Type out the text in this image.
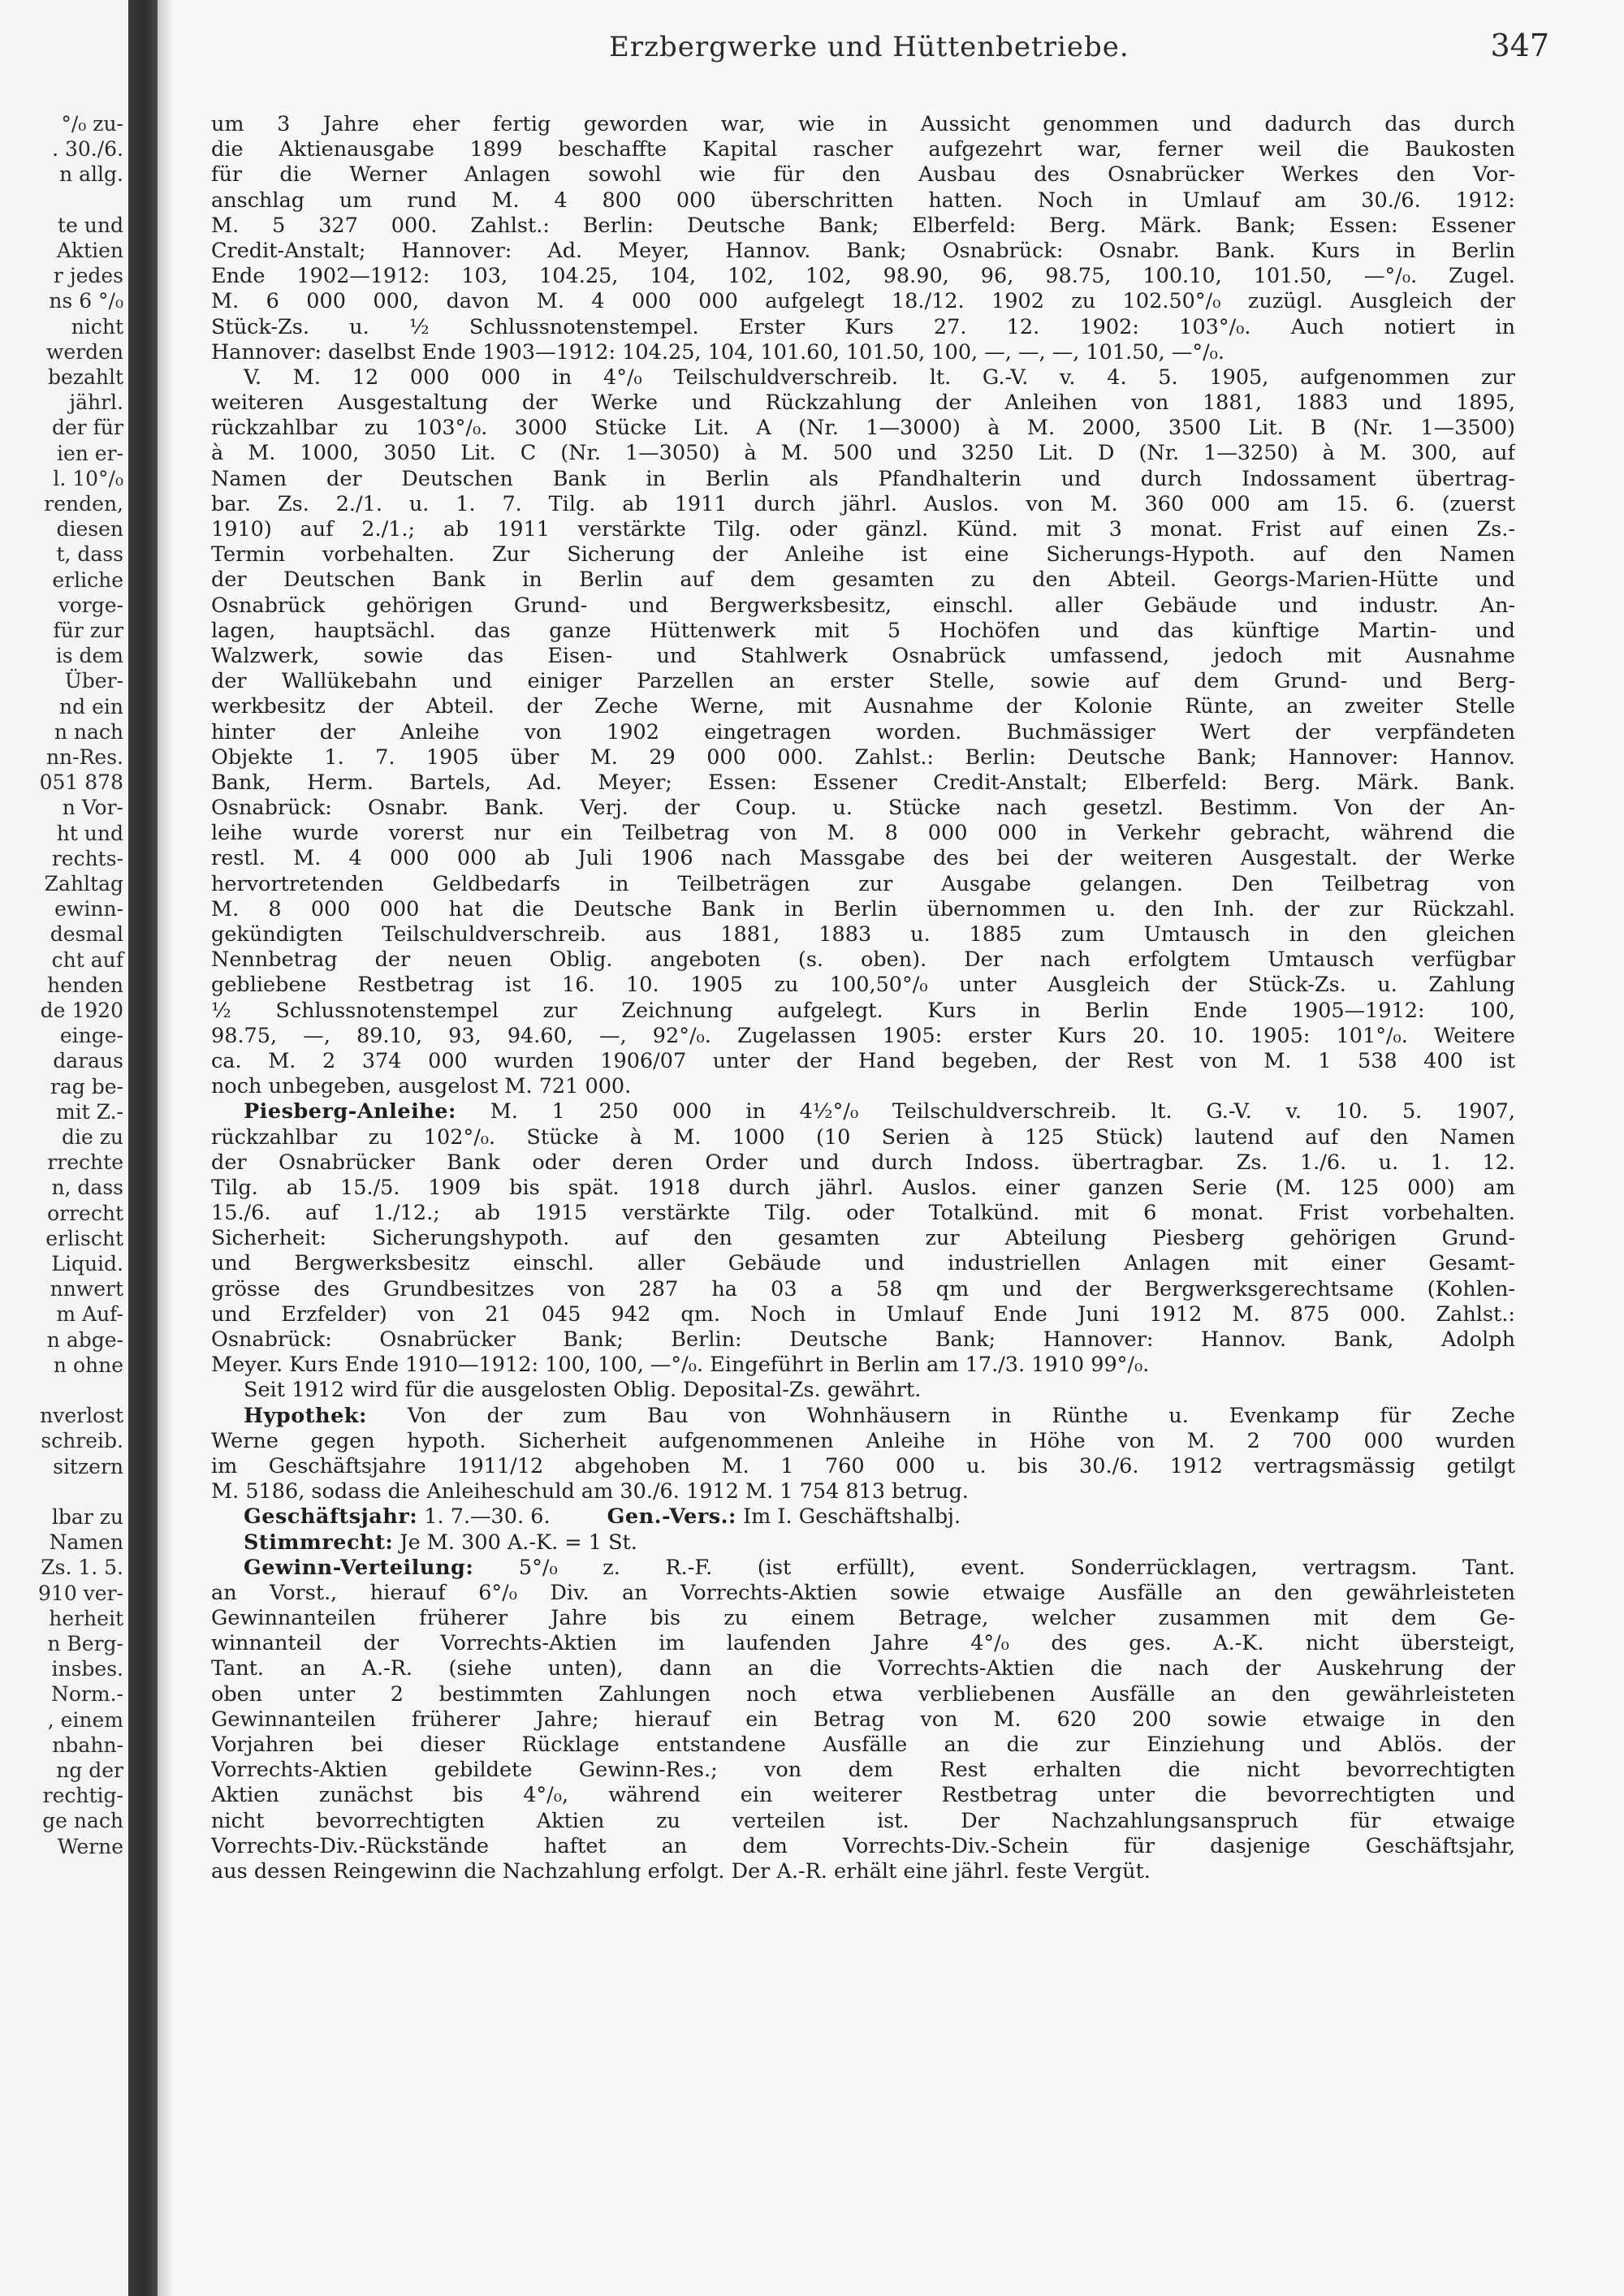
°/₀ zu-
. 30./6.
n allg.
te und
Aktien
r jedes
ns 6 °/₀
nicht
werden
bezahlt
jährl.
der für
ien er-
l. 10°/₀
renden,
diesen
t, dass
erliche
vorge-
für zur
is dem
Über-
nd ein
n nach
nn-Res.
051 878
n Vor-
ht und
rechts-
Zahltag
ewinn-
desmal
cht auf
henden
de 1920
einge-
daraus
rag be-
mit Z.-
die zu
rrechte
n, dass
orrecht
erlischt
Liquid.
nnwert
m Auf-
n abge-
n ohne
nverlost
schreib.
sitzern
lbar zu
Namen
Zs. 1. 5.
910 ver-
herheit
n Berg-
insbes.
Norm.-
, einem
nbahn-
ng der
rechtig-
ge nach
Werne
Erzbergwerke und Hüttenbetriebe.	347
um 3 Jahre eher fertig geworden war, wie in Aussicht genommen und dadurch das durch
die Aktienausgabe 1899 beschaffte Kapital rascher aufgezehrt war, ferner weil die Baukosten
für die Werner Anlagen sowohl wie für den Ausbau des Osnabrücker Werkes den Vor-
anschlag um rund M. 4 800 000 überschritten hatten. Noch in Umlauf am 30./6. 1912:
M. 5 327 000. Zahlst.: Berlin: Deutsche Bank; Elberfeld: Berg. Märk. Bank; Essen: Essener
Credit-Anstalt; Hannover: Ad. Meyer, Hannov. Bank; Osnabrück: Osnabr. Bank. Kurs in Berlin
Ende 1902—1912: 103, 104.25, 104, 102, 102, 98.90, 96, 98.75, 100.10, 101.50, —°/₀. Zugel.
M. 6 000 000, davon M. 4 000 000 aufgelegt 18./12. 1902 zu 102.50°/₀ zuzügl. Ausgleich der
Stück-Zs. u. ½ Schlussnotenstempel. Erster Kurs 27. 12. 1902: 103°/₀. Auch notiert in
Hannover: daselbst Ende 1903—1912: 104.25, 104, 101.60, 101.50, 100, —, —, —, 101.50, —°/₀.
V. M. 12 000 000 in 4°/₀ Teilschuldverschreib. lt. G.-V. v. 4. 5. 1905, aufgenommen zur
weiteren Ausgestaltung der Werke und Rückzahlung der Anleihen von 1881, 1883 und 1895,
rückzahlbar zu 103°/₀. 3000 Stücke Lit. A (Nr. 1—3000) à M. 2000, 3500 Lit. B (Nr. 1—3500)
à M. 1000, 3050 Lit. C (Nr. 1—3050) à M. 500 und 3250 Lit. D (Nr. 1—3250) à M. 300, auf
Namen der Deutschen Bank in Berlin als Pfandhalterin und durch Indossament übertrag-
bar. Zs. 2./1. u. 1. 7. Tilg. ab 1911 durch jährl. Auslos. von M. 360 000 am 15. 6. (zuerst
1910) auf 2./1.; ab 1911 verstärkte Tilg. oder gänzl. Künd. mit 3 monat. Frist auf einen Zs.-
Termin vorbehalten. Zur Sicherung der Anleihe ist eine Sicherungs-Hypoth. auf den Namen
der Deutschen Bank in Berlin auf dem gesamten zu den Abteil. Georgs-Marien-Hütte und
Osnabrück gehörigen Grund- und Bergwerksbesitz, einschl. aller Gebäude und industr. An-
lagen, hauptsächl. das ganze Hüttenwerk mit 5 Hochöfen und das künftige Martin- und
Walzwerk, sowie das Eisen- und Stahlwerk Osnabrück umfassend, jedoch mit Ausnahme
der Wallükebahn und einiger Parzellen an erster Stelle, sowie auf dem Grund- und Berg-
werkbesitz der Abteil. der Zeche Werne, mit Ausnahme der Kolonie Rünte, an zweiter Stelle
hinter der Anleihe von 1902 eingetragen worden. Buchmässiger Wert der verpfändeten
Objekte 1. 7. 1905 über M. 29 000 000. Zahlst.: Berlin: Deutsche Bank; Hannover: Hannov.
Bank, Herm. Bartels, Ad. Meyer; Essen: Essener Credit-Anstalt; Elberfeld: Berg. Märk. Bank.
Osnabrück: Osnabr. Bank. Verj. der Coup. u. Stücke nach gesetzl. Bestimm. Von der An-
leihe wurde vorerst nur ein Teilbetrag von M. 8 000 000 in Verkehr gebracht, während die
restl. M. 4 000 000 ab Juli 1906 nach Massgabe des bei der weiteren Ausgestalt. der Werke
hervortretenden Geldbedarfs in Teilbeträgen zur Ausgabe gelangen. Den Teilbetrag von
M. 8 000 000 hat die Deutsche Bank in Berlin übernommen u. den Inh. der zur Rückzahl.
gekündigten Teilschuldverschreib. aus 1881, 1883 u. 1885 zum Umtausch in den gleichen
Nennbetrag der neuen Oblig. angeboten (s. oben). Der nach erfolgtem Umtausch verfügbar
gebliebene Restbetrag ist 16. 10. 1905 zu 100,50°/₀ unter Ausgleich der Stück-Zs. u. Zahlung
½ Schlussnotenstempel zur Zeichnung aufgelegt. Kurs in Berlin Ende 1905—1912: 100,
98.75, —, 89.10, 93, 94.60, —, 92°/₀. Zugelassen 1905: erster Kurs 20. 10. 1905: 101°/₀. Weitere
ca. M. 2 374 000 wurden 1906/07 unter der Hand begeben, der Rest von M. 1 538 400 ist
noch unbegeben, ausgelost M. 721 000.
Piesberg-Anleihe: M. 1 250 000 in 4½°/₀ Teilschuldverschreib. lt. G.-V. v. 10. 5. 1907,
rückzahlbar zu 102°/₀. Stücke à M. 1000 (10 Serien à 125 Stück) lautend auf den Namen
der Osnabrücker Bank oder deren Order und durch Indoss. übertragbar. Zs. 1./6. u. 1. 12.
Tilg. ab 15./5. 1909 bis spät. 1918 durch jährl. Auslos. einer ganzen Serie (M. 125 000) am
15./6. auf 1./12.; ab 1915 verstärkte Tilg. oder Totalkünd. mit 6 monat. Frist vorbehalten.
Sicherheit: Sicherungshypoth. auf den gesamten zur Abteilung Piesberg gehörigen Grund-
und Bergwerksbesitz einschl. aller Gebäude und industriellen Anlagen mit einer Gesamt-
grösse des Grundbesitzes von 287 ha 03 a 58 qm und der Bergwerksgerechtsame (Kohlen-
und Erzfelder) von 21 045 942 qm. Noch in Umlauf Ende Juni 1912 M. 875 000. Zahlst.:
Osnabrück: Osnabrücker Bank; Berlin: Deutsche Bank; Hannover: Hannov. Bank, Adolph
Meyer. Kurs Ende 1910—1912: 100, 100, —°/₀. Eingeführt in Berlin am 17./3. 1910 99°/₀.
Seit 1912 wird für die ausgelosten Oblig. Deposital-Zs. gewährt.
Hypothek: Von der zum Bau von Wohnhäusern in Rünthe u. Evenkamp für Zeche
Werne gegen hypoth. Sicherheit aufgenommenen Anleihe in Höhe von M. 2 700 000 wurden
im Geschäftsjahre 1911/12 abgehoben M. 1 760 000 u. bis 30./6. 1912 vertragsmässig getilgt
M. 5186, sodass die Anleiheschuld am 30./6. 1912 M. 1 754 813 betrug.
Geschäftsjahr: 1. 7.—30. 6.	Gen.-Vers.: Im I. Geschäftshalbj.
Stimmrecht: Je M. 300 A.-K. = 1 St.
Gewinn-Verteilung: 5°/₀ z. R.-F. (ist erfüllt), event. Sonderrücklagen, vertragsm. Tant.
an Vorst., hierauf 6°/₀ Div. an Vorrechts-Aktien sowie etwaige Ausfälle an den gewährleisteten
Gewinnanteilen früherer Jahre bis zu einem Betrage, welcher zusammen mit dem Ge-
winnanteil der Vorrechts-Aktien im laufenden Jahre 4°/₀ des ges. A.-K. nicht übersteigt,
Tant. an A.-R. (siehe unten), dann an die Vorrechts-Aktien die nach der Auskehrung der
oben unter 2 bestimmten Zahlungen noch etwa verbliebenen Ausfälle an den gewährleisteten
Gewinnanteilen früherer Jahre; hierauf ein Betrag von M. 620 200 sowie etwaige in den
Vorjahren bei dieser Rücklage entstandene Ausfälle an die zur Einziehung und Ablös. der
Vorrechts-Aktien gebildete Gewinn-Res.; von dem Rest erhalten die nicht bevorrechtigten
Aktien zunächst bis 4°/₀, während ein weiterer Restbetrag unter die bevorrechtigten und
nicht bevorrechtigten Aktien zu verteilen ist. Der Nachzahlungsanspruch für etwaige
Vorrechts-Div.-Rückstände haftet an dem Vorrechts-Div.-Schein für dasjenige Geschäftsjahr,
aus dessen Reingewinn die Nachzahlung erfolgt. Der A.-R. erhält eine jährl. feste Vergüt.
